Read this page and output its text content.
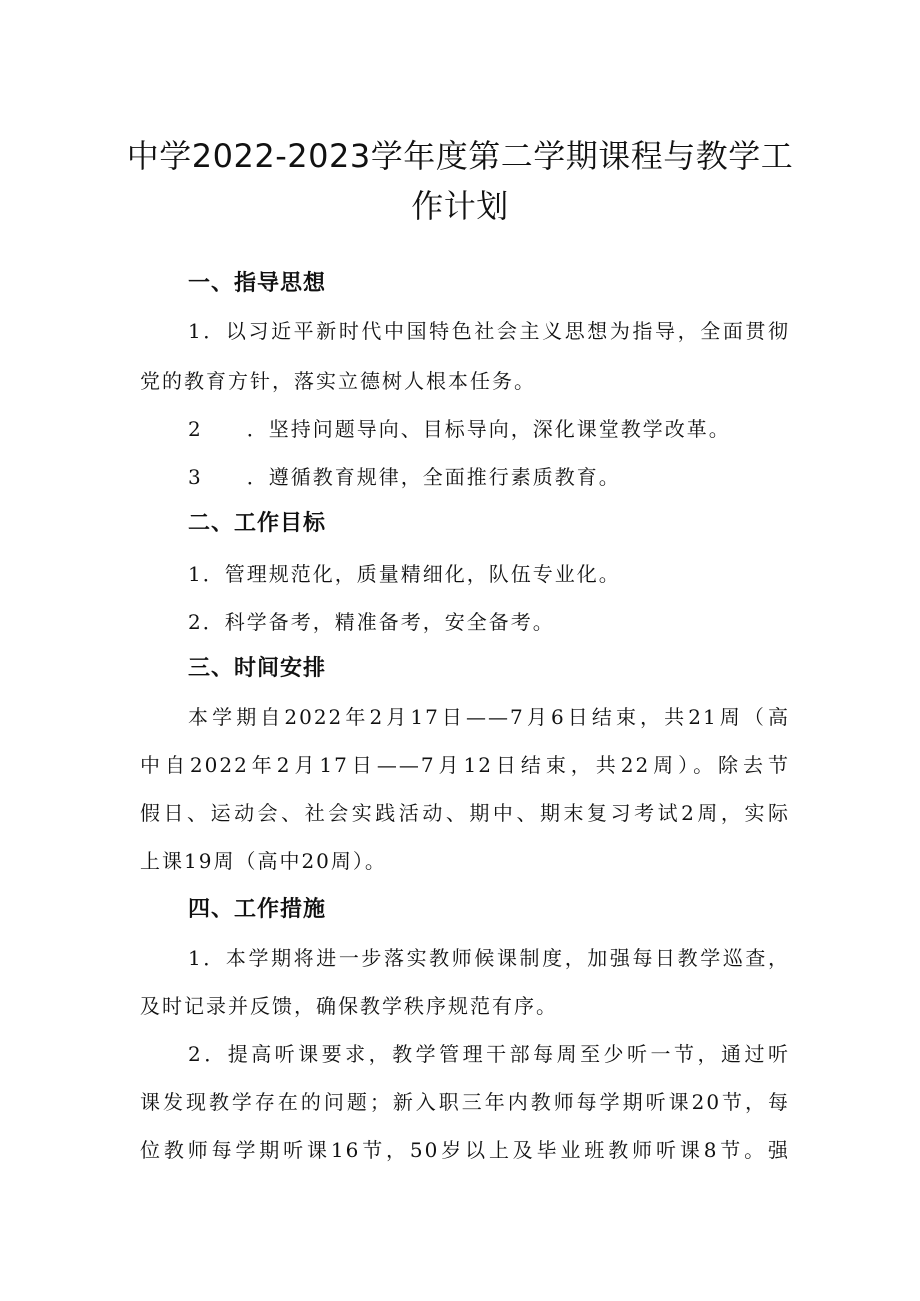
中学2022-2023学年度第二学期课程与教学工
作计划
一、指导思想
1．以习近平新时代中国特色社会主义思想为指导，全面贯彻
党的教育方针，落实立德树人根本任务。
2　　．坚持问题导向、目标导向，深化课堂教学改革。
3　　．遵循教育规律，全面推行素质教育。
二、工作目标
1．管理规范化，质量精细化，队伍专业化。
2．科学备考，精准备考，安全备考。
三、时间安排
本学期自2022年2月17日——7月6日结束，共21周（高
中自2022年2月17日——7月12日结束，共22周）。除去节
假日、运动会、社会实践活动、期中、期末复习考试2周，实际
上课19周（高中20周）。
四、工作措施
1．本学期将进一步落实教师候课制度，加强每日教学巡查，
及时记录并反馈，确保教学秩序规范有序。
2．提高听课要求，教学管理干部每周至少听一节，通过听
课发现教学存在的问题；新入职三年内教师每学期听课20节，每
位教师每学期听课16节，50岁以上及毕业班教师听课8节。强
